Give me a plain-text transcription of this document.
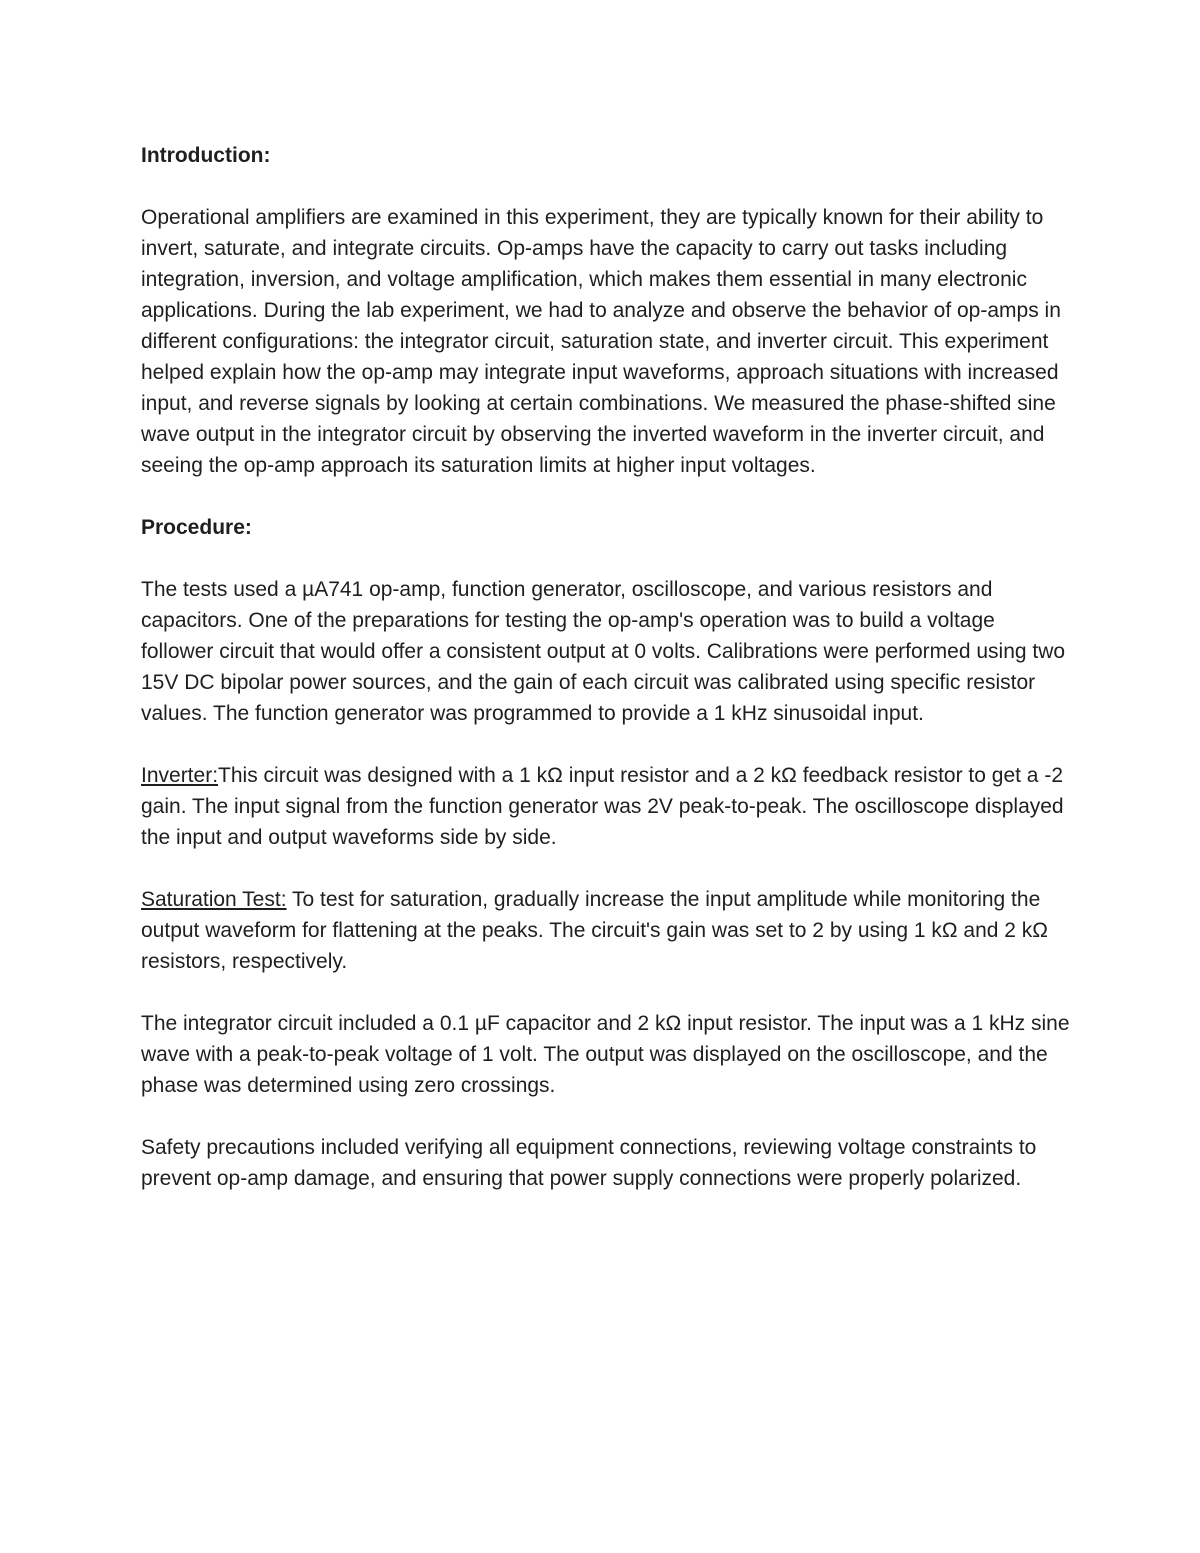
Introduction:

Operational amplifiers are examined in this experiment, they are typically known for their ability to invert, saturate, and integrate circuits. Op-amps have the capacity to carry out tasks including integration, inversion, and voltage amplification, which makes them essential in many electronic applications. During the lab experiment, we had to analyze and observe the behavior of op-amps in different configurations: the integrator circuit, saturation state, and inverter circuit. This experiment helped explain how the op-amp may integrate input waveforms, approach situations with increased input, and reverse signals by looking at certain combinations. We measured the phase-shifted sine wave output in the integrator circuit by observing the inverted waveform in the inverter circuit, and seeing the op-amp approach its saturation limits at higher input voltages.

Procedure:

The tests used a µA741 op-amp, function generator, oscilloscope, and various resistors and capacitors. One of the preparations for testing the op-amp's operation was to build a voltage follower circuit that would offer a consistent output at 0 volts. Calibrations were performed using two 15V DC bipolar power sources, and the gain of each circuit was calibrated using specific resistor values. The function generator was programmed to provide a 1 kHz sinusoidal input.

Inverter:This circuit was designed with a 1 kΩ input resistor and a 2 kΩ feedback resistor to get a -2 gain. The input signal from the function generator was 2V peak-to-peak. The oscilloscope displayed the input and output waveforms side by side.

Saturation Test: To test for saturation, gradually increase the input amplitude while monitoring the output waveform for flattening at the peaks. The circuit's gain was set to 2 by using 1 kΩ and 2 kΩ resistors, respectively.

The integrator circuit included a 0.1 µF capacitor and 2 kΩ input resistor. The input was a 1 kHz sine wave with a peak-to-peak voltage of 1 volt. The output was displayed on the oscilloscope, and the phase was determined using zero crossings.

Safety precautions included verifying all equipment connections, reviewing voltage constraints to prevent op-amp damage, and ensuring that power supply connections were properly polarized.
